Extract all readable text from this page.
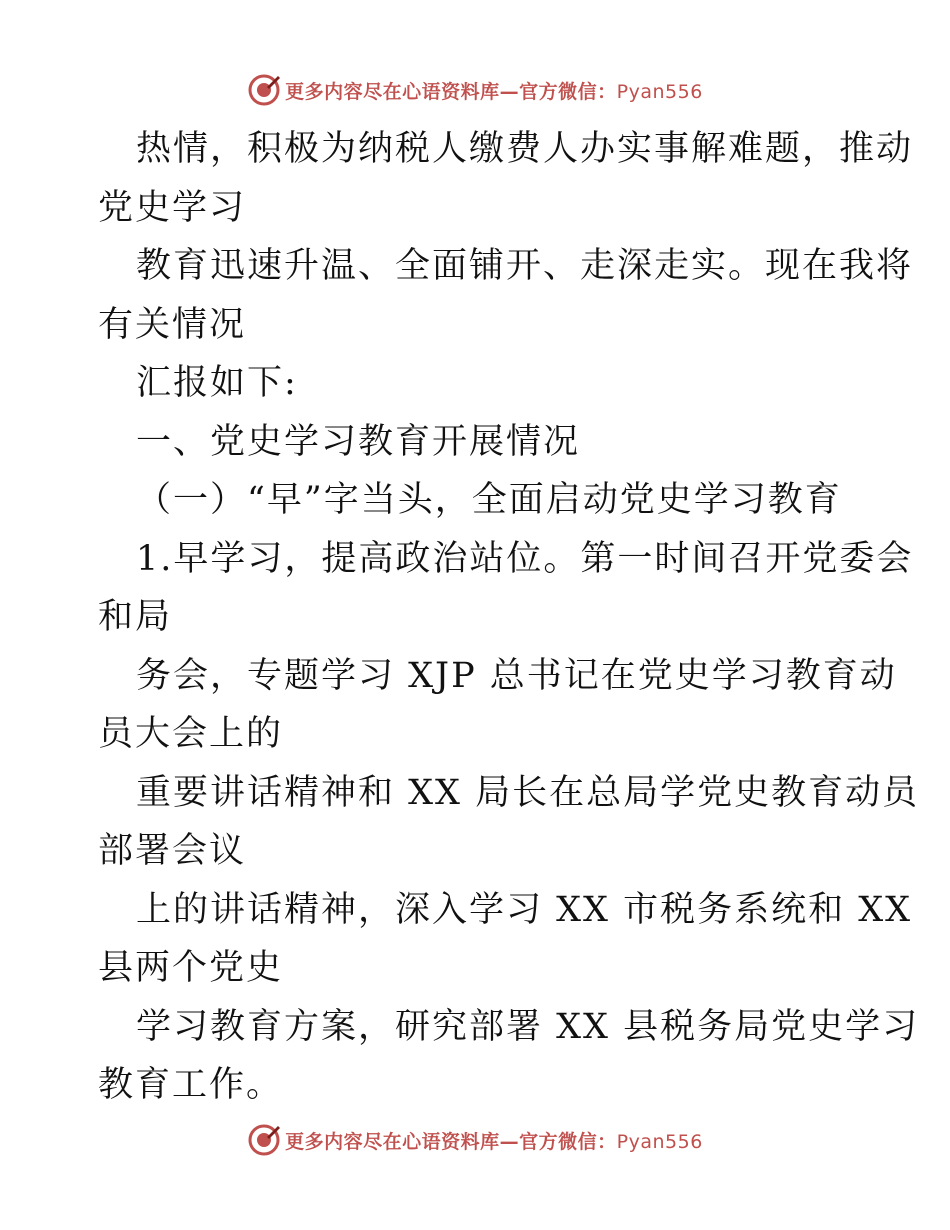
更多内容尽在心语资料库—官方微信：Pyan556
热情，积极为纳税人缴费人办实事解难题，推动
党史学习
教育迅速升温、全面铺开、走深走实。现在我将
有关情况
汇报如下:
一、党史学习教育开展情况
（一）“早”字当头，全面启动党史学习教育
1.早学习，提高政治站位。第一时间召开党委会
和局
务会，专题学习 XJP 总书记在党史学习教育动
员大会上的
重要讲话精神和 XX 局长在总局学党史教育动员
部署会议
上的讲话精神，深入学习 XX 市税务系统和 XX
县两个党史
学习教育方案，研究部署 XX 县税务局党史学习
教育工作。
更多内容尽在心语资料库—官方微信：Pyan556
